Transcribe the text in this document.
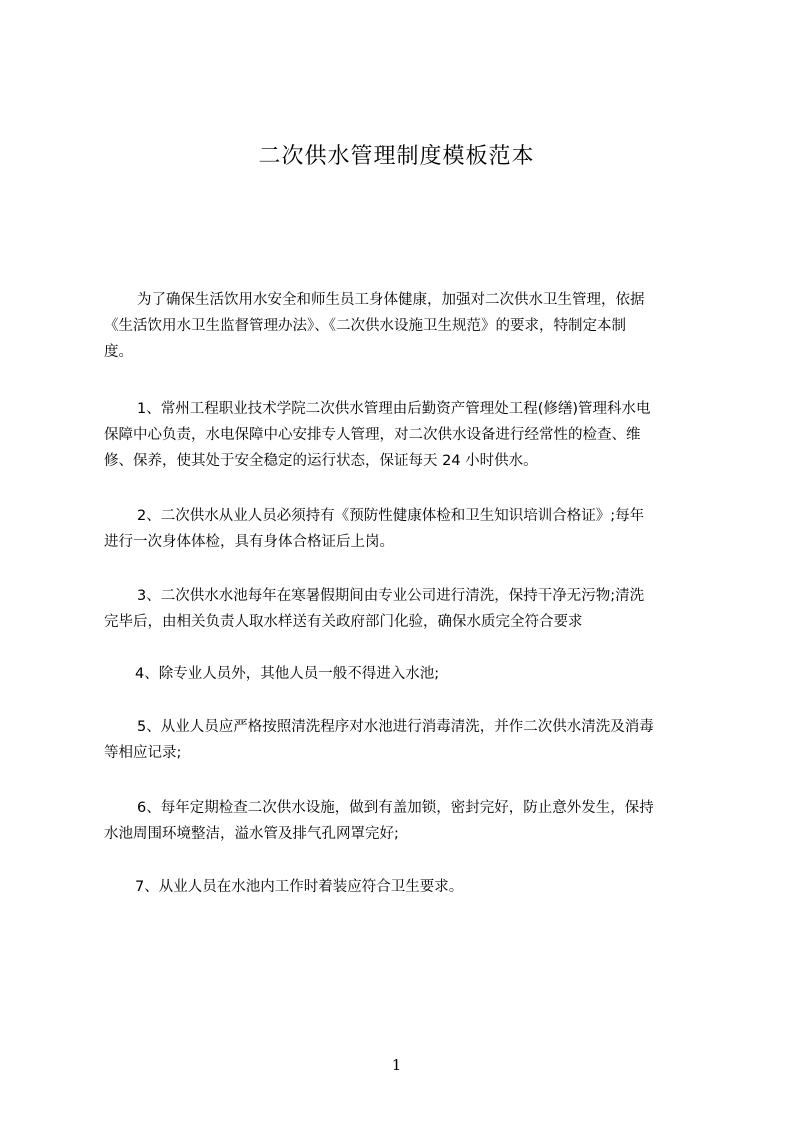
二次供水管理制度模板范本
为了确保生活饮用水安全和师生员工身体健康，加强对二次供水卫生管理，依据
《生活饮用水卫生监督管理办法》、《二次供水设施卫生规范》的要求，特制定本制
度。
1、常州工程职业技术学院二次供水管理由后勤资产管理处工程(修缮)管理科水电
保障中心负责，水电保障中心安排专人管理，对二次供水设备进行经常性的检查、维
修、保养，使其处于安全稳定的运行状态，保证每天 24 小时供水。
2、二次供水从业人员必须持有《预防性健康体检和卫生知识培训合格证》;每年
进行一次身体体检，具有身体合格证后上岗。
3、二次供水水池每年在寒暑假期间由专业公司进行清洗，保持干净无污物;清洗
完毕后，由相关负责人取水样送有关政府部门化验，确保水质完全符合要求
4、除专业人员外，其他人员一般不得进入水池;
5、从业人员应严格按照清洗程序对水池进行消毒清洗，并作二次供水清洗及消毒
等相应记录;
6、每年定期检查二次供水设施，做到有盖加锁，密封完好，防止意外发生，保持
水池周围环境整洁，溢水管及排气孔网罩完好;
7、从业人员在水池内工作时着装应符合卫生要求。
1
